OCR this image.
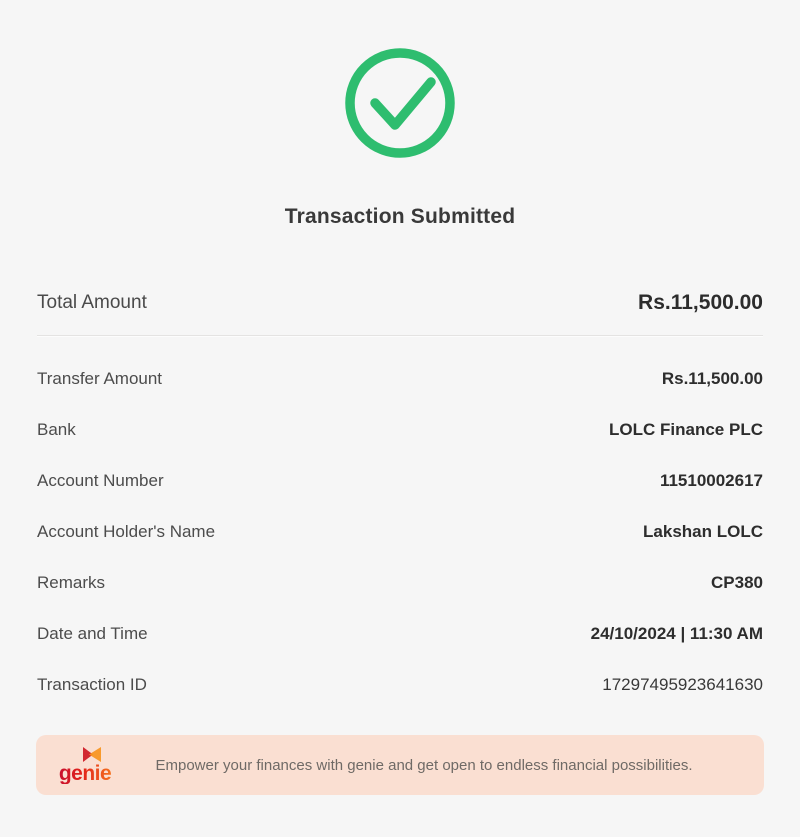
Transaction Submitted
Total Amount	Rs.11,500.00
Transfer Amount	Rs.11,500.00
Bank	LOLC Finance PLC
Account Number	11510002617
Account Holder's Name	Lakshan LOLC
Remarks	CP380
Date and Time	24/10/2024 | 11:30 AM
Transaction ID	17297495923641630
genie	Empower your finances with genie and get open to endless financial possibilities.
